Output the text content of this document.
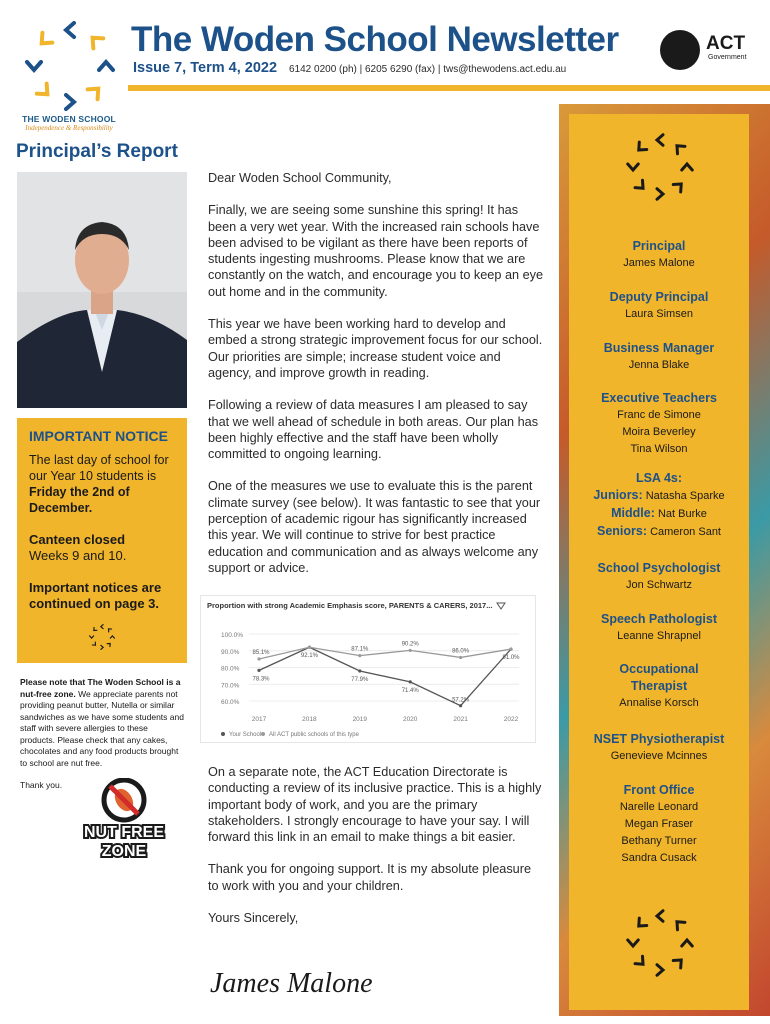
THE WODEN SCHOOL
Independence & Responsibility
The Woden School Newsletter
Issue 7, Term 4, 2022 6142 0200 (ph) | 6205 6290 (fax) | tws@thewodens.act.edu.au
ACT
Government
Principal’s Report
IMPORTANT NOTICE
The last day of school for our Year 10 students is
Friday the 2nd of December.
Canteen closed
Weeks 9 and 10.
Important notices are continued on page 3.
Please note that The Woden School is a nut-free zone. We appreciate parents not providing peanut butter, Nutella or similar sandwiches as we have some students and staff with severe allergies to these products. Please check that any cakes, chocolates and any food products brought to school are nut free.
Thank you.
NUT FREE
ZONE

Dear Woden School Community,

Finally, we are seeing some sunshine this spring! It has been a very wet year. With the increased rain schools have been advised to be vigilant as there have been reports of students ingesting mushrooms. Please know that we are constantly on the watch, and encourage you to keep an eye out home and in the community.

This year we have been working hard to develop and embed a strong strategic improvement focus for our school. Our priorities are simple; increase student voice and agency, and improve growth in reading.

Following a review of data measures I am pleased to say that we well ahead of schedule in both areas. Our plan has been highly effective and the staff have been wholly committed to ongoing learning.

One of the measures we use to evaluate this is the parent climate survey (see below). It was fantastic to see that your perception of academic rigour has significantly increased this year. We will continue to strive for best practice education and communication and as always welcome any support or advice.

100.0%
90.0%
80.0%
70.0%
60.0%
2017	2018	2019	2020	2021	2022
78.3%
92.1%
77.9%
71.4%
57.2%
91.0%
85.1%
87.1%
90.2%
86.0%
Your School All ACT public schools of this type
Proportion with strong Academic Emphasis score, PARENTS & CARERS, 2017...

On a separate note, the ACT Education Directorate is conducting a review of its inclusive practice. This is a highly important body of work, and you are the primary stakeholders. I strongly encourage to have your say. I will forward this link in an email to make things a bit easier.

Thank you for ongoing support. It is my absolute pleasure to work with you and your children.

Yours Sincerely,

James Malone
Principal
James Malone
Deputy Principal
Laura Simsen
Business Manager
Jenna Blake
Executive Teachers
Franc de Simone
Moira Beverley
Tina Wilson
LSA 4s:
Juniors: Natasha Sparke
Middle: Nat Burke
Seniors: Cameron Sant
School Psychologist
Jon Schwartz
Speech Pathologist
Leanne Shrapnel
Occupational Therapist
Annalise Korsch
NSET Physiotherapist
Genevieve Mcinnes
Front Office
Narelle Leonard
Megan Fraser
Bethany Turner
Sandra Cusack
